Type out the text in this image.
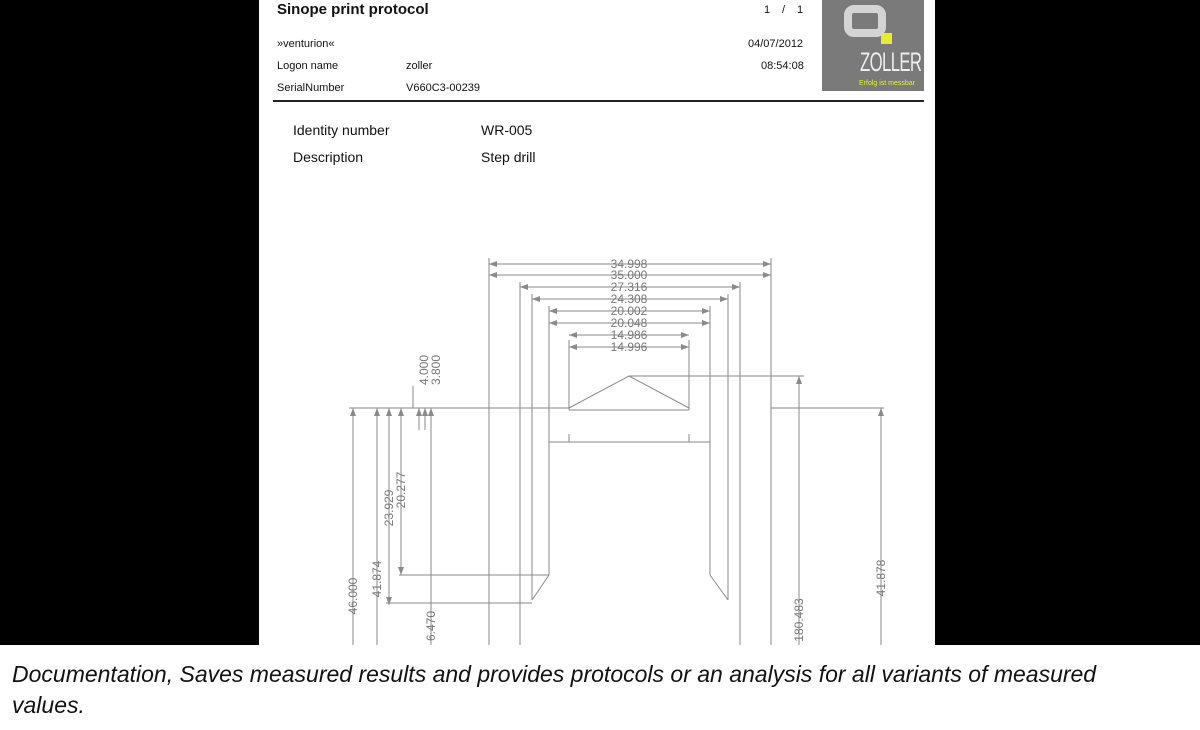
Sinope print protocol	1 / 1
»venturion«	04/07/2012
Logon name	zoller	08:54:08
SerialNumber	V660C3-00239
ZOLLER
Erfolg ist messbar
Identity number	WR-005
Description	Step drill
34.998
35.000
27.316
24.308
20.002
20.048
14.986
14.996
4.000
3.800
23.929
20.277
46.000 41.874
6.470	180.483
41.878
Documentation, Saves measured results and provides protocols or an analysis for all variants of measured values.
